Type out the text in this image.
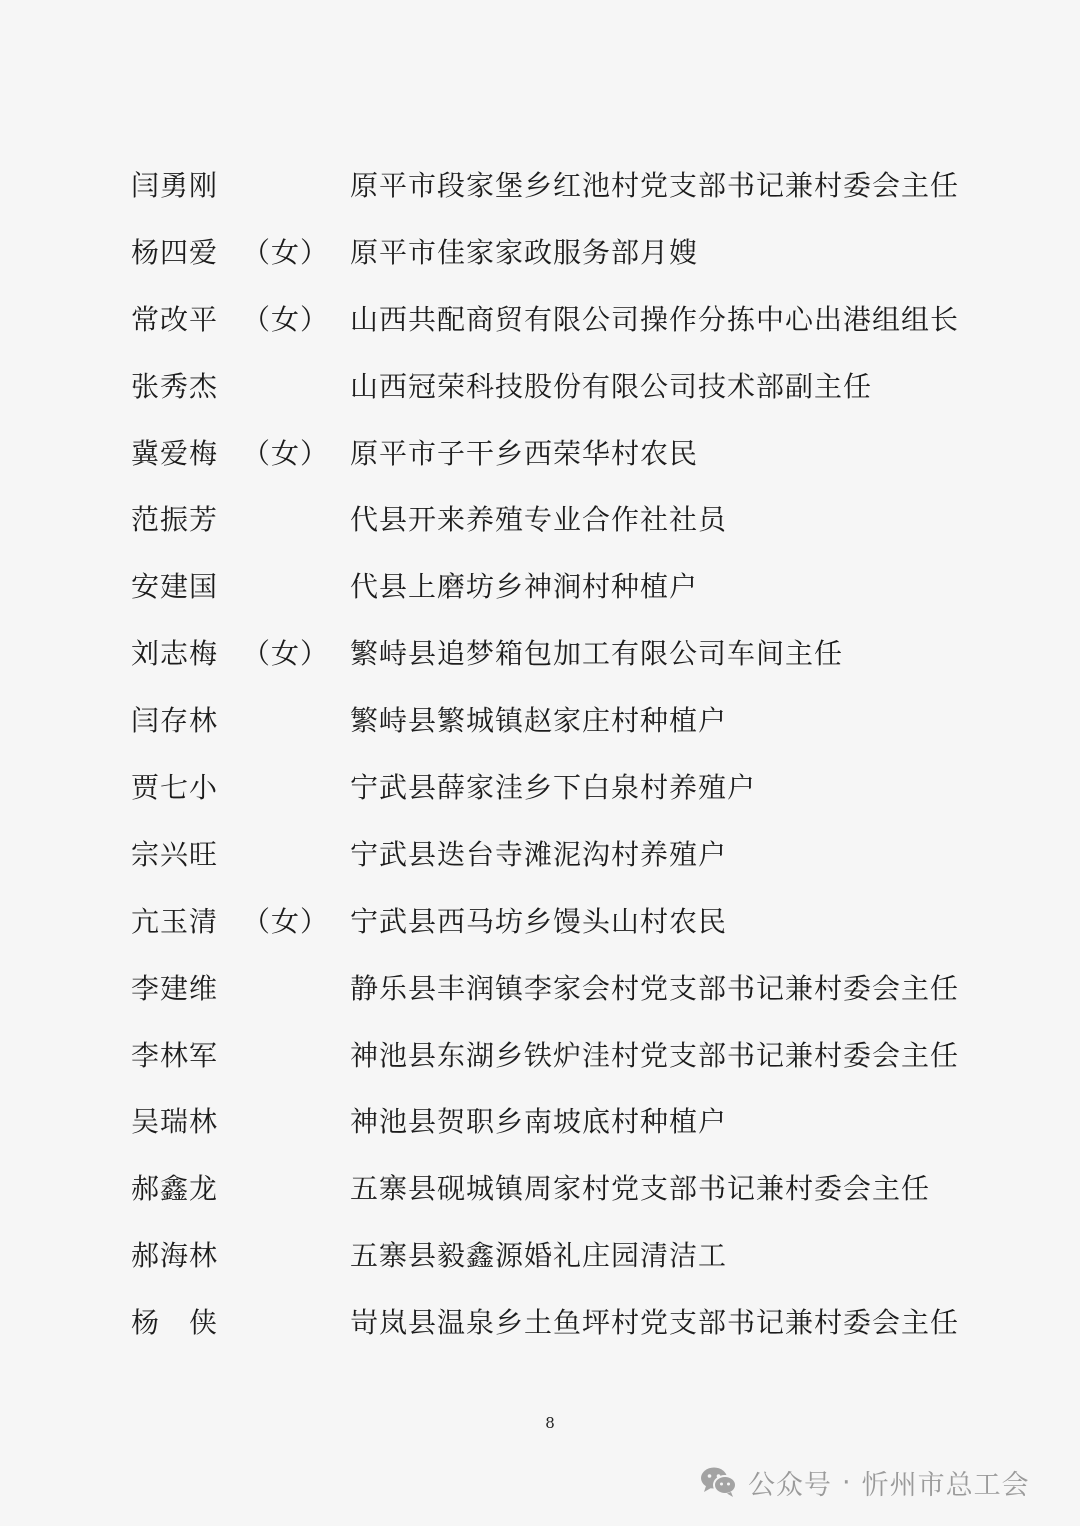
闫勇刚	原平市段家堡乡红池村党支部书记兼村委会主任
杨四爱 （女） 原平市佳家家政服务部月嫂
常改平 （女） 山西共配商贸有限公司操作分拣中心出港组组长
张秀杰	山西冠荣科技股份有限公司技术部副主任
冀爱梅 （女） 原平市子干乡西荣华村农民
范振芳	代县开来养殖专业合作社社员
安建国	代县上磨坊乡神涧村种植户
刘志梅 （女） 繁峙县追梦箱包加工有限公司车间主任
闫存林	繁峙县繁城镇赵家庄村种植户
贾七小	宁武县薛家洼乡下白泉村养殖户
宗兴旺	宁武县迭台寺滩泥沟村养殖户
亢玉清 （女） 宁武县西马坊乡馒头山村农民
李建维	静乐县丰润镇李家会村党支部书记兼村委会主任
李林军	神池县东湖乡铁炉洼村党支部书记兼村委会主任
吴瑞林	神池县贺职乡南坡底村种植户
郝鑫龙	五寨县砚城镇周家村党支部书记兼村委会主任
郝海林	五寨县毅鑫源婚礼庄园清洁工
杨　侠	岢岚县温泉乡土鱼坪村党支部书记兼村委会主任
8
公众号 · 忻州市总工会
